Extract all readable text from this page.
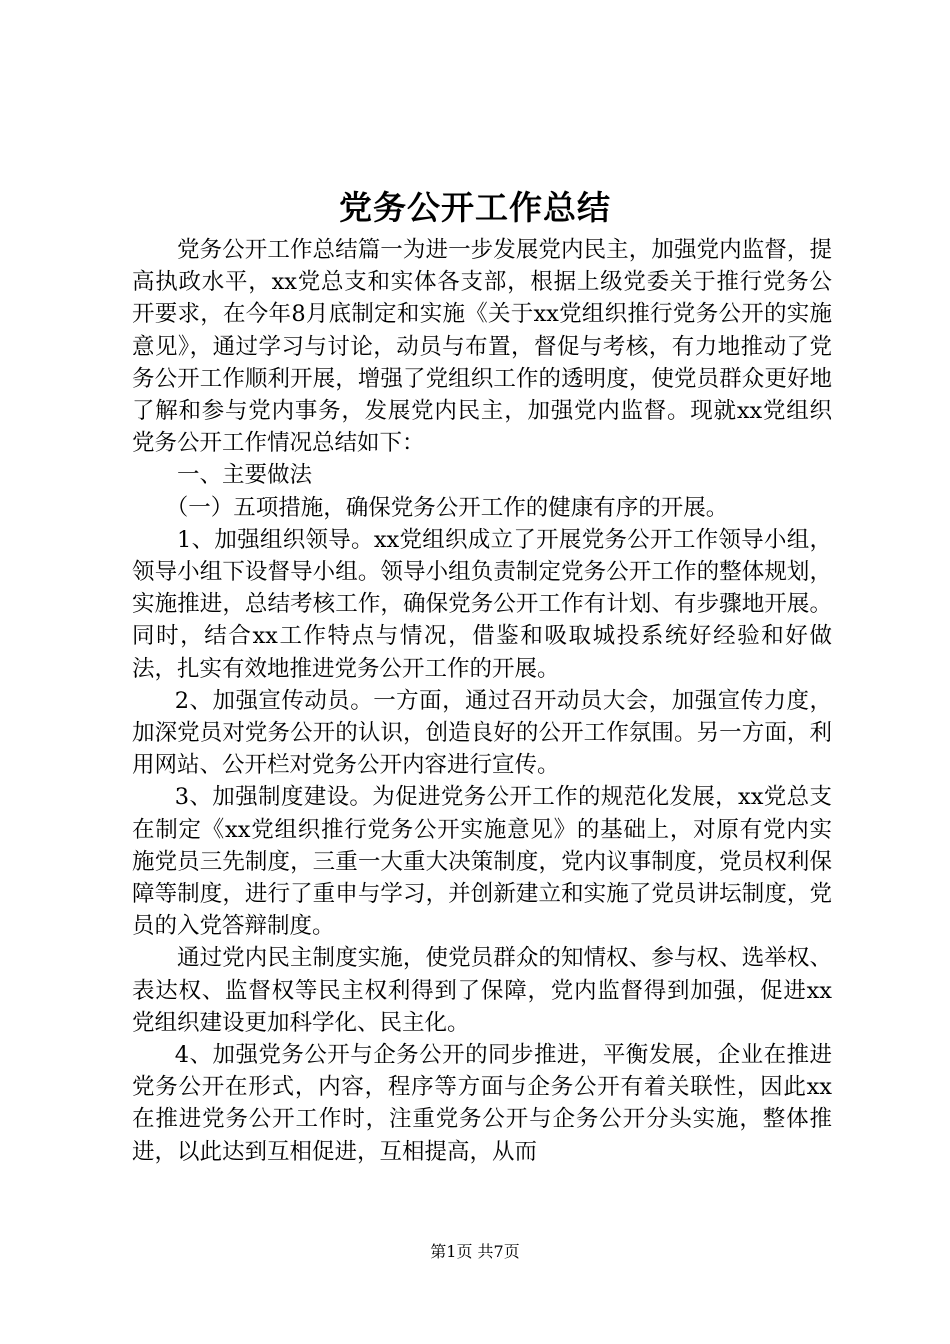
党务公开工作总结

党务公开工作总结篇一为进一步发展党内民主，加强党内监督，提高执政水平，xx党总支和实体各支部，根据上级党委关于推行党务公开要求，在今年8月底制定和实施《关于xx党组织推行党务公开的实施意见》，通过学习与讨论，动员与布置，督促与考核，有力地推动了党务公开工作顺利开展，增强了党组织工作的透明度，使党员群众更好地了解和参与党内事务，发展党内民主，加强党内监督。现就xx党组织党务公开工作情况总结如下：

一、主要做法

（一）五项措施，确保党务公开工作的健康有序的开展。

1、加强组织领导。xx党组织成立了开展党务公开工作领导小组，领导小组下设督导小组。领导小组负责制定党务公开工作的整体规划，实施推进，总结考核工作，确保党务公开工作有计划、有步骤地开展。同时，结合xx工作特点与情况，借鉴和吸取城投系统好经验和好做法，扎实有效地推进党务公开工作的开展。

2、加强宣传动员。一方面，通过召开动员大会，加强宣传力度，加深党员对党务公开的认识，创造良好的公开工作氛围。另一方面，利用网站、公开栏对党务公开内容进行宣传。

3、加强制度建设。为促进党务公开工作的规范化发展，xx党总支在制定《xx党组织推行党务公开实施意见》的基础上，对原有党内实施党员三先制度，三重一大重大决策制度，党内议事制度，党员权利保障等制度，进行了重申与学习，并创新建立和实施了党员讲坛制度，党员的入党答辩制度。

通过党内民主制度实施，使党员群众的知情权、参与权、选举权、表达权、监督权等民主权利得到了保障，党内监督得到加强，促进xx党组织建设更加科学化、民主化。

4、加强党务公开与企务公开的同步推进，平衡发展，企业在推进党务公开在形式，内容，程序等方面与企务公开有着关联性，因此xx在推进党务公开工作时，注重党务公开与企务公开分头实施，整体推进，以此达到互相促进，互相提高，从而

第1页 共7页
